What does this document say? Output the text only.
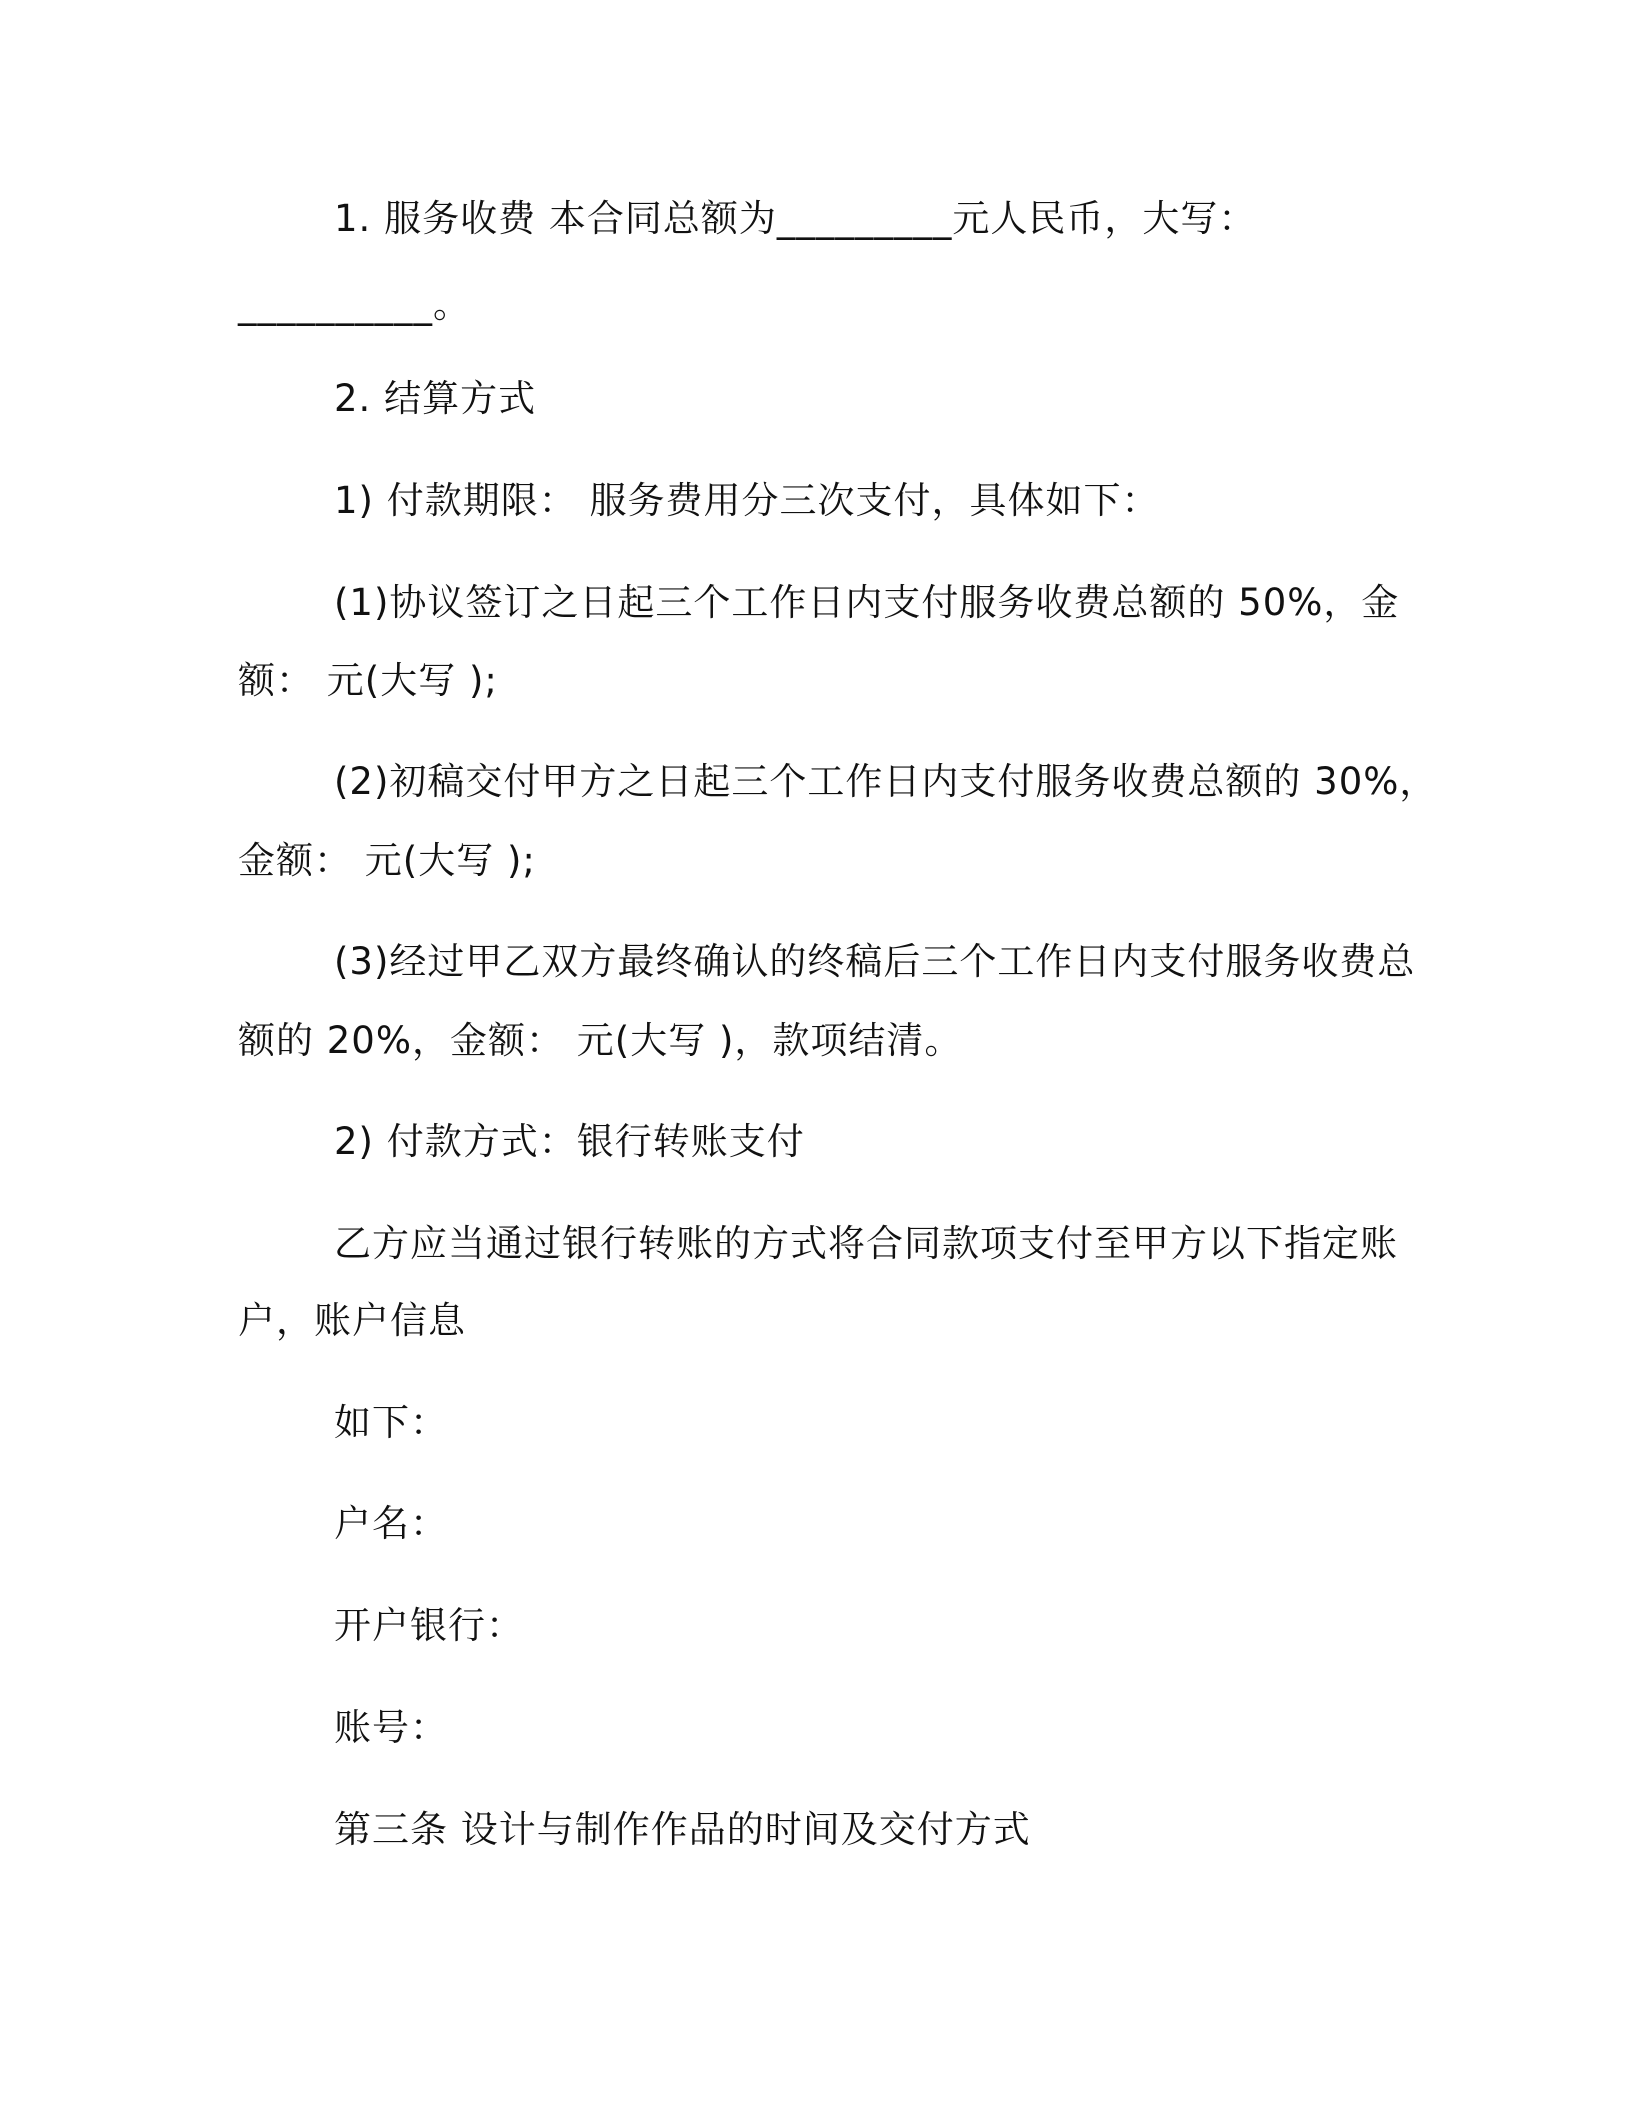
1. 服务收费 本合同总额为_________元人民币，大写：
__________。
2. 结算方式
1) 付款期限： 服务费用分三次支付，具体如下：
(1)协议签订之日起三个工作日内支付服务收费总额的 50%，金
额： 元(大写 );
(2)初稿交付甲方之日起三个工作日内支付服务收费总额的 30%，
金额： 元(大写 );
(3)经过甲乙双方最终确认的终稿后三个工作日内支付服务收费总
额的 20%，金额： 元(大写 )，款项结清。
2) 付款方式：银行转账支付
乙方应当通过银行转账的方式将合同款项支付至甲方以下指定账
户，账户信息
如下：
户名：
开户银行：
账号：
第三条 设计与制作作品的时间及交付方式
